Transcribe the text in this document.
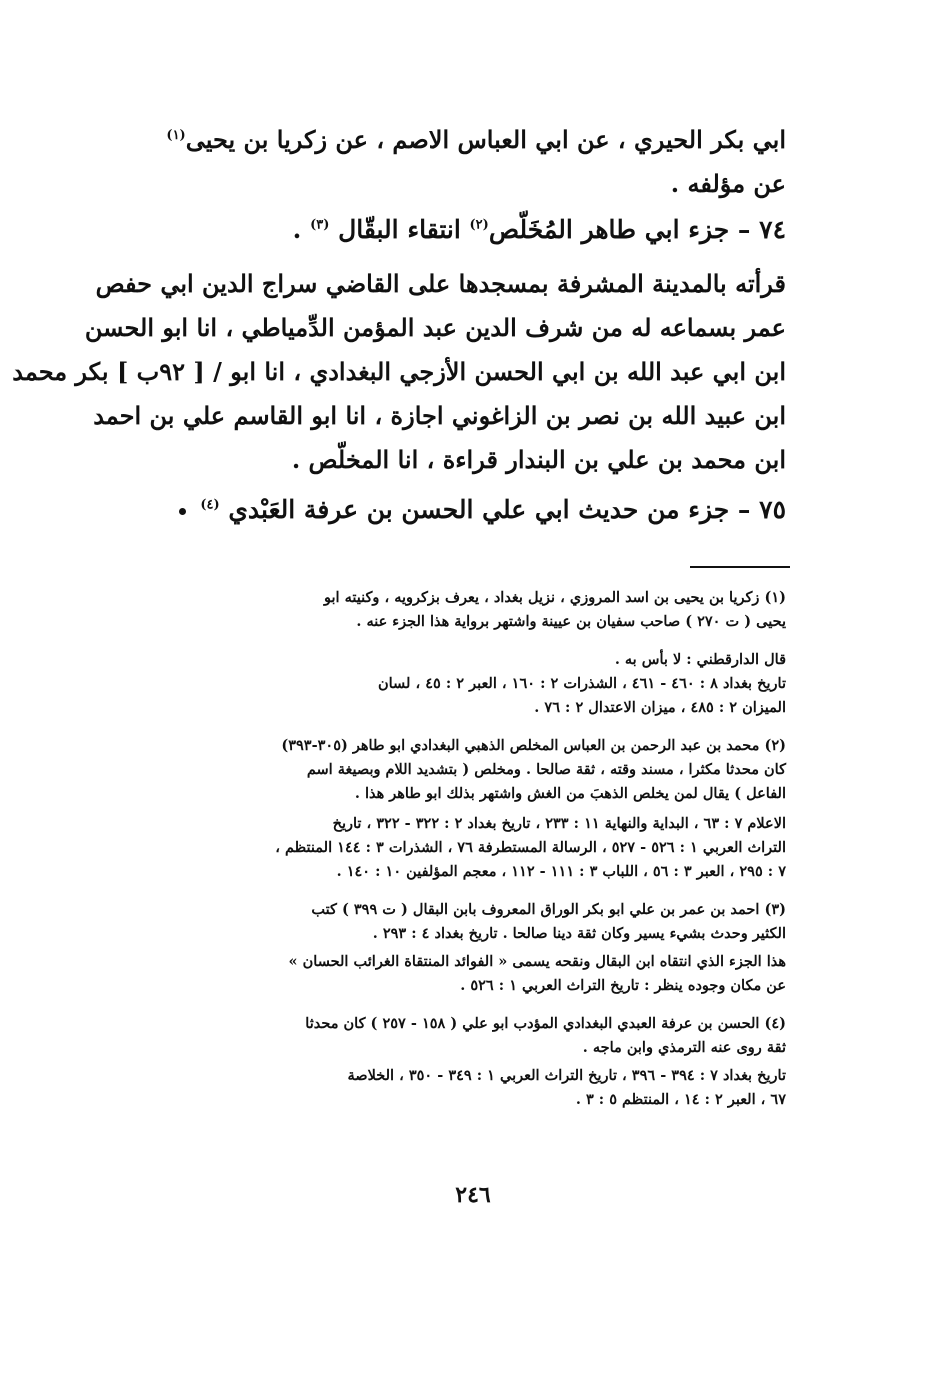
ابي بكر الحيري ، عن ابي العباس الاصم ، عن زكريا بن يحيى$^{(١)}$
عن مؤلفه .

٧٤ – جزء ابي طاهر المُخَلّص$^{(٢)}$ انتقاء البقّال $^{(٣)}$ .

قرأته بالمدينة المشرفة بمسجدها على القاضي سراج الدين ابي حفص
عمر بسماعه له من شرف الدين عبد المؤمن الدِّمياطي ، انا ابو الحسن
ابن ابي عبد الله بن ابي الحسن الأزجي البغدادي ، انا ابو / [ ٩٢ب ] بكر محمد
ابن عبيد الله بن نصر بن الزاغوني اجازة ، انا ابو القاسم علي بن احمد
ابن محمد بن علي بن البندار قراءة ، انا المخلّص .

٧٥ – جزء من حديث ابي علي الحسن بن عرفة العَبْدي $^{(٤)}$

(١) زكريا بن يحيى بن اسد المروزي ، نزيل بغداد ، يعرف بزكرويه ، وكنيته ابو
يحيى ( ت ٢٧٠ ) صاحب سفيان بن عيينة واشتهر برواية هذا الجزء عنه .

قال الدارقطني : لا بأس به .
تاريخ بغداد ٨ : ٤٦٠ - ٤٦١ ، الشذرات ٢ : ١٦٠ ، العبر ٢ : ٤٥ ، لسان
الميزان ٢ : ٤٨٥ ، ميزان الاعتدال ٢ : ٧٦ .

(٢) محمد بن عبد الرحمن بن العباس المخلص الذهبي البغدادي ابو طاهر (٣٠٥-٣٩٣)
كان محدثا مكثرا ، مسند وقته ، ثقة صالحا . ومخلص ( بتشديد اللام وبصيغة اسم
الفاعل ) يقال لمن يخلص الذهبَ من الغش واشتهر بذلك ابو طاهر هذا .

الاعلام ٧ : ٦٣ ، البداية والنهاية ١١ : ٢٣٣ ، تاريخ بغداد ٢ : ٣٢٢ - ٣٢٢ ، تاريخ
التراث العربي ١ : ٥٢٦ - ٥٢٧ ، الرسالة المستطرفة ٧٦ ، الشذرات ٣ : ١٤٤ المنتظم ،
٧ : ٢٩٥ ، العبر ٣ : ٥٦ ، اللباب ٣ : ١١١ - ١١٢ ، معجم المؤلفين ١٠ : ١٤٠ .

(٣) احمد بن عمر بن علي ابو بكر الوراق المعروف بابن البقال ( ت ٣٩٩ ) كتب
الكثير وحدث بشيء يسير وكان ثقة دينا صالحا . تاريخ بغداد ٤ : ٢٩٣ .

هذا الجزء الذي انتقاه ابن البقال ونقحه يسمى « الفوائد المنتقاة الغرائب الحسان »
عن مكان وجوده ينظر : تاريخ التراث العربي ١ : ٥٢٦ .

(٤) الحسن بن عرفة العبدي البغدادي المؤدب ابو علي ( ١٥٨ - ٢٥٧ ) كان محدثا
ثقة روى عنه الترمذي وابن ماجه .

تاريخ بغداد ٧ : ٣٩٤ - ٣٩٦ ، تاريخ التراث العربي ١ : ٣٤٩ - ٣٥٠ ، الخلاصة
٦٧ ، العبر ٢ : ١٤ ، المنتظم ٥ : ٣ .

٢٤٦
